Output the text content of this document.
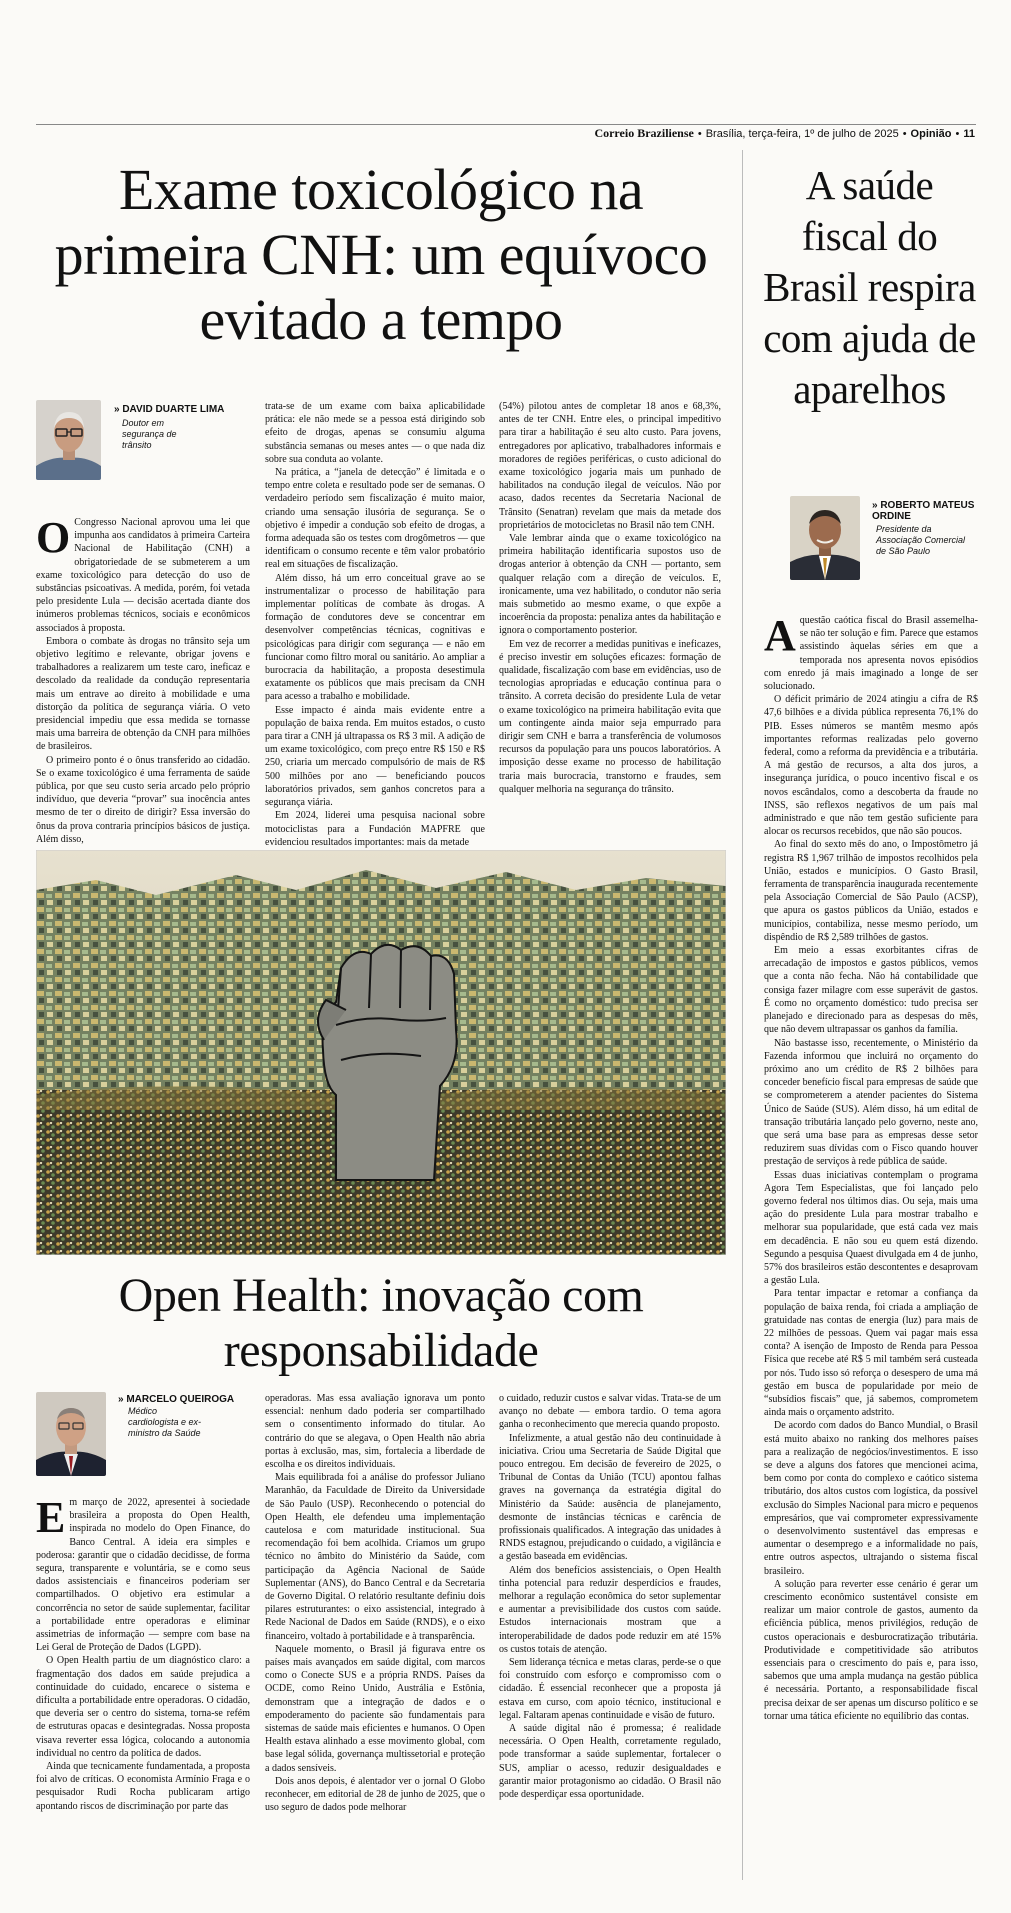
Correio Braziliense • Brasília, terça-feira, 1º de julho de 2025 • Opinião • 11
Exame toxicológico na primeira CNH: um equívoco evitado a tempo
» DAVID DUARTE LIMA
Doutor em segurança de trânsito

O Congresso Nacional aprovou uma lei que impunha aos candidatos à primeira Carteira Nacional de Habilitação (CNH) a obrigatoriedade de se submeterem a um exame toxicológico para detecção do uso de substâncias psicoativas. A medida, porém, foi vetada pelo presidente Lula — decisão acertada diante dos inúmeros problemas técnicos, sociais e econômicos associados à proposta.

Embora o combate às drogas no trânsito seja um objetivo legítimo e relevante, obrigar jovens e trabalhadores a realizarem um teste caro, ineficaz e descolado da realidade da condução representaria mais um entrave ao direito à mobilidade e uma distorção da política de segurança viária. O veto presidencial impediu que essa medida se tornasse mais uma barreira de obtenção da CNH para milhões de brasileiros.

O primeiro ponto é o ônus transferido ao cidadão. Se o exame toxicológico é uma ferramenta de saúde pública, por que seu custo seria arcado pelo próprio indivíduo, que deveria “provar” sua inocência antes mesmo de ter o direito de dirigir? Essa inversão do ônus da prova contraria princípios básicos de justiça. Além disso,

trata-se de um exame com baixa aplicabilidade prática: ele não mede se a pessoa está dirigindo sob efeito de drogas, apenas se consumiu alguma substância semanas ou meses antes — o que nada diz sobre sua conduta ao volante.

Na prática, a “janela de detecção” é limitada e o tempo entre coleta e resultado pode ser de semanas. O verdadeiro período sem fiscalização é muito maior, criando uma sensação ilusória de segurança. Se o objetivo é impedir a condução sob efeito de drogas, a forma adequada são os testes com drogômetros — que identificam o consumo recente e têm valor probatório real em situações de fiscalização.

Além disso, há um erro conceitual grave ao se instrumentalizar o processo de habilitação para implementar políticas de combate às drogas. A formação de condutores deve se concentrar em desenvolver competências técnicas, cognitivas e psicológicas para dirigir com segurança — e não em funcionar como filtro moral ou sanitário. Ao ampliar a burocracia da habilitação, a proposta desestimula exatamente os públicos que mais precisam da CNH para acesso a trabalho e mobilidade.

Esse impacto é ainda mais evidente entre a população de baixa renda. Em muitos estados, o custo para tirar a CNH já ultrapassa os R$ 3 mil. A adição de um exame toxicológico, com preço entre R$ 150 e R$ 250, criaria um mercado compulsório de mais de R$ 500 milhões por ano — beneficiando poucos laboratórios privados, sem ganhos concretos para a segurança viária.

Em 2024, liderei uma pesquisa nacional sobre motociclistas para a Fundación MAPFRE que evidenciou resultados importantes: mais da metade

(54%) pilotou antes de completar 18 anos e 68,3%, antes de ter CNH. Entre eles, o principal impeditivo para tirar a habilitação é seu alto custo. Para jovens, entregadores por aplicativo, trabalhadores informais e moradores de regiões periféricas, o custo adicional do exame toxicológico jogaria mais um punhado de habilitados na condução ilegal de veículos. Não por acaso, dados recentes da Secretaria Nacional de Trânsito (Senatran) revelam que mais da metade dos proprietários de motocicletas no Brasil não tem CNH.

Vale lembrar ainda que o exame toxicológico na primeira habilitação identificaria supostos uso de drogas anterior à obtenção da CNH — portanto, sem qualquer relação com a direção de veículos. E, ironicamente, uma vez habilitado, o condutor não seria mais submetido ao mesmo exame, o que expõe a incoerência da proposta: penaliza antes da habilitação e ignora o comportamento posterior.

Em vez de recorrer a medidas punitivas e ineficazes, é preciso investir em soluções eficazes: formação de qualidade, fiscalização com base em evidências, uso de tecnologias apropriadas e educação contínua para o trânsito. A correta decisão do presidente Lula de vetar o exame toxicológico na primeira habilitação evita que um contingente ainda maior seja empurrado para dirigir sem CNH e barra a transferência de volumosos recursos da população para uns poucos laboratórios. A imposição desse exame no processo de habilitação traria mais burocracia, transtorno e fraudes, sem qualquer melhoria na segurança do trânsito.

Open Health: inovação com responsabilidade
» MARCELO QUEIROGA
Médico cardiologista e ex-ministro da Saúde

Em março de 2022, apresentei à sociedade brasileira a proposta do Open Health, inspirada no modelo do Open Finance, do Banco Central. A ideia era simples e poderosa: garantir que o cidadão decidisse, de forma segura, transparente e voluntária, se e como seus dados assistenciais e financeiros poderiam ser compartilhados. O objetivo era estimular a concorrência no setor de saúde suplementar, facilitar a portabilidade entre operadoras e eliminar assimetrias de informação — sempre com base na Lei Geral de Proteção de Dados (LGPD).

O Open Health partiu de um diagnóstico claro: a fragmentação dos dados em saúde prejudica a continuidade do cuidado, encarece o sistema e dificulta a portabilidade entre operadoras. O cidadão, que deveria ser o centro do sistema, torna-se refém de estruturas opacas e desintegradas. Nossa proposta visava reverter essa lógica, colocando a autonomia individual no centro da política de dados.

Ainda que tecnicamente fundamentada, a proposta foi alvo de críticas. O economista Armínio Fraga e o pesquisador Rudi Rocha publicaram artigo apontando riscos de discriminação por parte das

operadoras. Mas essa avaliação ignorava um ponto essencial: nenhum dado poderia ser compartilhado sem o consentimento informado do titular. Ao contrário do que se alegava, o Open Health não abria portas à exclusão, mas, sim, fortalecia a liberdade de escolha e os direitos individuais.

Mais equilibrada foi a análise do professor Juliano Maranhão, da Faculdade de Direito da Universidade de São Paulo (USP). Reconhecendo o potencial do Open Health, ele defendeu uma implementação cautelosa e com maturidade institucional. Sua recomendação foi bem acolhida. Criamos um grupo técnico no âmbito do Ministério da Saúde, com participação da Agência Nacional de Saúde Suplementar (ANS), do Banco Central e da Secretaria de Governo Digital. O relatório resultante definiu dois pilares estruturantes: o eixo assistencial, integrado à Rede Nacional de Dados em Saúde (RNDS), e o eixo financeiro, voltado à portabilidade e à transparência.

Naquele momento, o Brasil já figurava entre os países mais avançados em saúde digital, com marcos como o Conecte SUS e a própria RNDS. Países da OCDE, como Reino Unido, Austrália e Estônia, demonstram que a integração de dados e o empoderamento do paciente são fundamentais para sistemas de saúde mais eficientes e humanos. O Open Health estava alinhado a esse movimento global, com base legal sólida, governança multissetorial e proteção a dados sensíveis.

Dois anos depois, é alentador ver o jornal O Globo reconhecer, em editorial de 28 de junho de 2025, que o uso seguro de dados pode melhorar

o cuidado, reduzir custos e salvar vidas. Trata-se de um avanço no debate — embora tardio. O tema agora ganha o reconhecimento que merecia quando proposto.

Infelizmente, a atual gestão não deu continuidade à iniciativa. Criou uma Secretaria de Saúde Digital que pouco entregou. Em decisão de fevereiro de 2025, o Tribunal de Contas da União (TCU) apontou falhas graves na governança da estratégia digital do Ministério da Saúde: ausência de planejamento, desmonte de instâncias técnicas e carência de profissionais qualificados. A integração das unidades à RNDS estagnou, prejudicando o cuidado, a vigilância e a gestão baseada em evidências.

Além dos benefícios assistenciais, o Open Health tinha potencial para reduzir desperdícios e fraudes, melhorar a regulação econômica do setor suplementar e aumentar a previsibilidade dos custos com saúde. Estudos internacionais mostram que a interoperabilidade de dados pode reduzir em até 15% os custos totais de atenção.

Sem liderança técnica e metas claras, perde-se o que foi construído com esforço e compromisso com o cidadão. É essencial reconhecer que a proposta já estava em curso, com apoio técnico, institucional e legal. Faltaram apenas continuidade e visão de futuro.

A saúde digital não é promessa; é realidade necessária. O Open Health, corretamente regulado, pode transformar a saúde suplementar, fortalecer o SUS, ampliar o acesso, reduzir desigualdades e garantir maior protagonismo ao cidadão. O Brasil não pode desperdiçar essa oportunidade.

A saúde fiscal do Brasil respira com ajuda de aparelhos
» ROBERTO MATEUS ORDINE
Presidente da Associação Comercial de São Paulo

Aquestão caótica fiscal do Brasil assemelha-se não ter solução e fim. Parece que estamos assistindo àquelas séries em que a temporada nos apresenta novos episódios com enredo já mais imaginado a longe de ser solucionado.

O déficit primário de 2024 atingiu a cifra de R$ 47,6 bilhões e a dívida pública representa 76,1% do PIB. Esses números se mantêm mesmo após importantes reformas realizadas pelo governo federal, como a reforma da previdência e a tributária. A má gestão de recursos, a alta dos juros, a insegurança jurídica, o pouco incentivo fiscal e os novos escândalos, como a descoberta da fraude no INSS, são reflexos negativos de um país mal administrado e que não tem gestão suficiente para alocar os recursos recebidos, que não são poucos.

Ao final do sexto mês do ano, o Impostômetro já registra R$ 1,967 trilhão de impostos recolhidos pela União, estados e municípios. O Gasto Brasil, ferramenta de transparência inaugurada recentemente pela Associação Comercial de São Paulo (ACSP), que apura os gastos públicos da União, estados e municípios, contabiliza, nesse mesmo período, um dispêndio de R$ 2,589 trilhões de gastos.

Em meio a essas exorbitantes cifras de arrecadação de impostos e gastos públicos, vemos que a conta não fecha. Não há contabilidade que consiga fazer milagre com esse superávit de gastos. É como no orçamento doméstico: tudo precisa ser planejado e direcionado para as despesas do mês, que não devem ultrapassar os ganhos da família.

Não bastasse isso, recentemente, o Ministério da Fazenda informou que incluirá no orçamento do próximo ano um crédito de R$ 2 bilhões para conceder benefício fiscal para empresas de saúde que se comprometerem a atender pacientes do Sistema Único de Saúde (SUS). Além disso, há um edital de transação tributária lançado pelo governo, neste ano, que será uma base para as empresas desse setor reduzirem suas dívidas com o Fisco quando houver prestação de serviços à rede pública de saúde.

Essas duas iniciativas contemplam o programa Agora Tem Especialistas, que foi lançado pelo governo federal nos últimos dias. Ou seja, mais uma ação do presidente Lula para mostrar trabalho e melhorar sua popularidade, que está cada vez mais em decadência. E não sou eu quem está dizendo. Segundo a pesquisa Quaest divulgada em 4 de junho, 57% dos brasileiros estão descontentes e desaprovam a gestão Lula.

Para tentar impactar e retomar a confiança da população de baixa renda, foi criada a ampliação de gratuidade nas contas de energia (luz) para mais de 22 milhões de pessoas. Quem vai pagar mais essa conta? A isenção de Imposto de Renda para Pessoa Física que recebe até R$ 5 mil também será custeada por nós. Tudo isso só reforça o desespero de uma má gestão em busca de popularidade por meio de “subsídios fiscais” que, já sabemos, comprometem ainda mais o orçamento adstrito.

De acordo com dados do Banco Mundial, o Brasil está muito abaixo no ranking dos melhores países para a realização de negócios/investimentos. E isso se deve a alguns dos fatores que mencionei acima, bem como por conta do complexo e caótico sistema tributário, dos altos custos com logística, da possível exclusão do Simples Nacional para micro e pequenos empresários, que vai comprometer expressivamente o desenvolvimento sustentável das empresas e aumentar o desemprego e a informalidade no país, entre outros aspectos, ultrajando o sistema fiscal brasileiro.

A solução para reverter esse cenário é gerar um crescimento econômico sustentável consiste em realizar um maior controle de gastos, aumento da eficiência pública, menos privilégios, redução de custos operacionais e desburocratização tributária. Produtividade e competitividade são atributos essenciais para o crescimento do país e, para isso, sabemos que uma ampla mudança na gestão pública é necessária. Portanto, a responsabilidade fiscal precisa deixar de ser apenas um discurso político e se tornar uma tática eficiente no equilíbrio das contas.
